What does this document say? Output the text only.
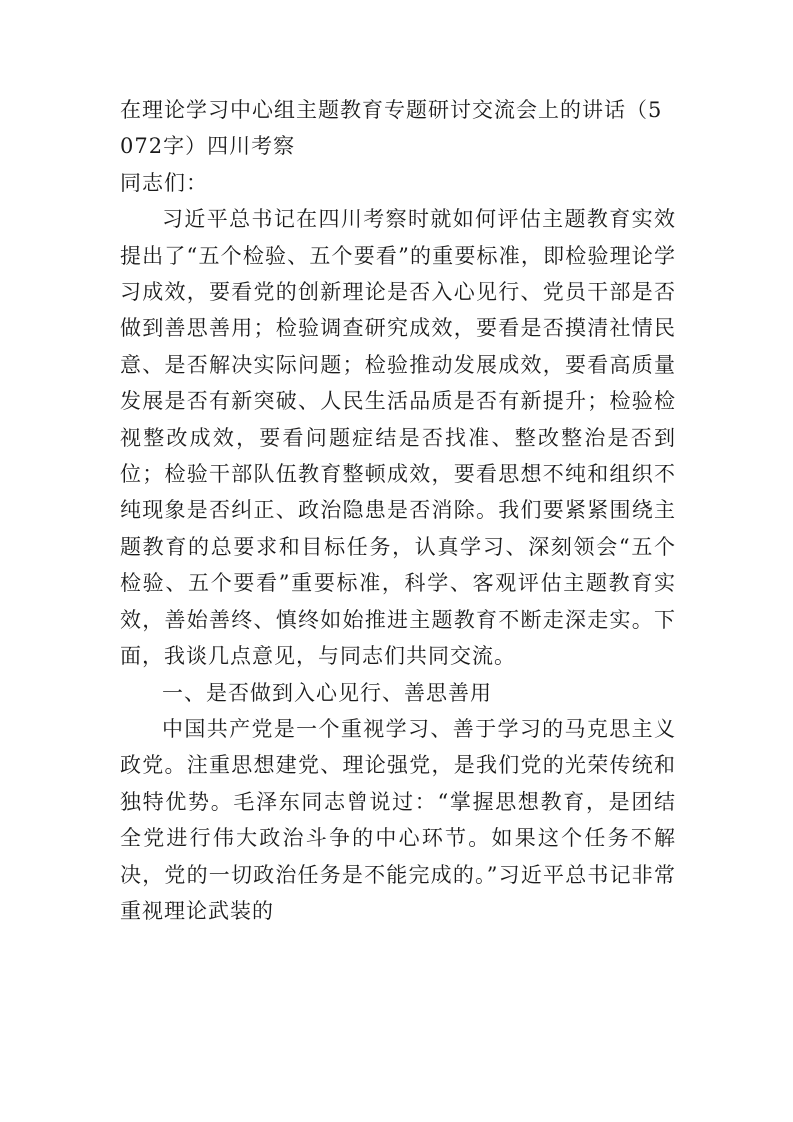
在理论学习中心组主题教育专题研讨交流会上的讲话（5072字）四川考察

同志们：

习近平总书记在四川考察时就如何评估主题教育实效提出了“五个检验、五个要看”的重要标准，即检验理论学习成效，要看党的创新理论是否入心见行、党员干部是否做到善思善用；检验调查研究成效，要看是否摸清社情民意、是否解决实际问题；检验推动发展成效，要看高质量发展是否有新突破、人民生活品质是否有新提升；检验检视整改成效，要看问题症结是否找准、整改整治是否到位；检验干部队伍教育整顿成效，要看思想不纯和组织不纯现象是否纠正、政治隐患是否消除。我们要紧紧围绕主题教育的总要求和目标任务，认真学习、深刻领会“五个检验、五个要看”重要标准，科学、客观评估主题教育实效，善始善终、慎终如始推进主题教育不断走深走实。下面，我谈几点意见，与同志们共同交流。

一、是否做到入心见行、善思善用

中国共产党是一个重视学习、善于学习的马克思主义政党。注重思想建党、理论强党，是我们党的光荣传统和独特优势。毛泽东同志曾说过：“掌握思想教育，是团结全党进行伟大政治斗争的中心环节。如果这个任务不解决，党的一切政治任务是不能完成的。”习近平总书记非常重视理论武装的
